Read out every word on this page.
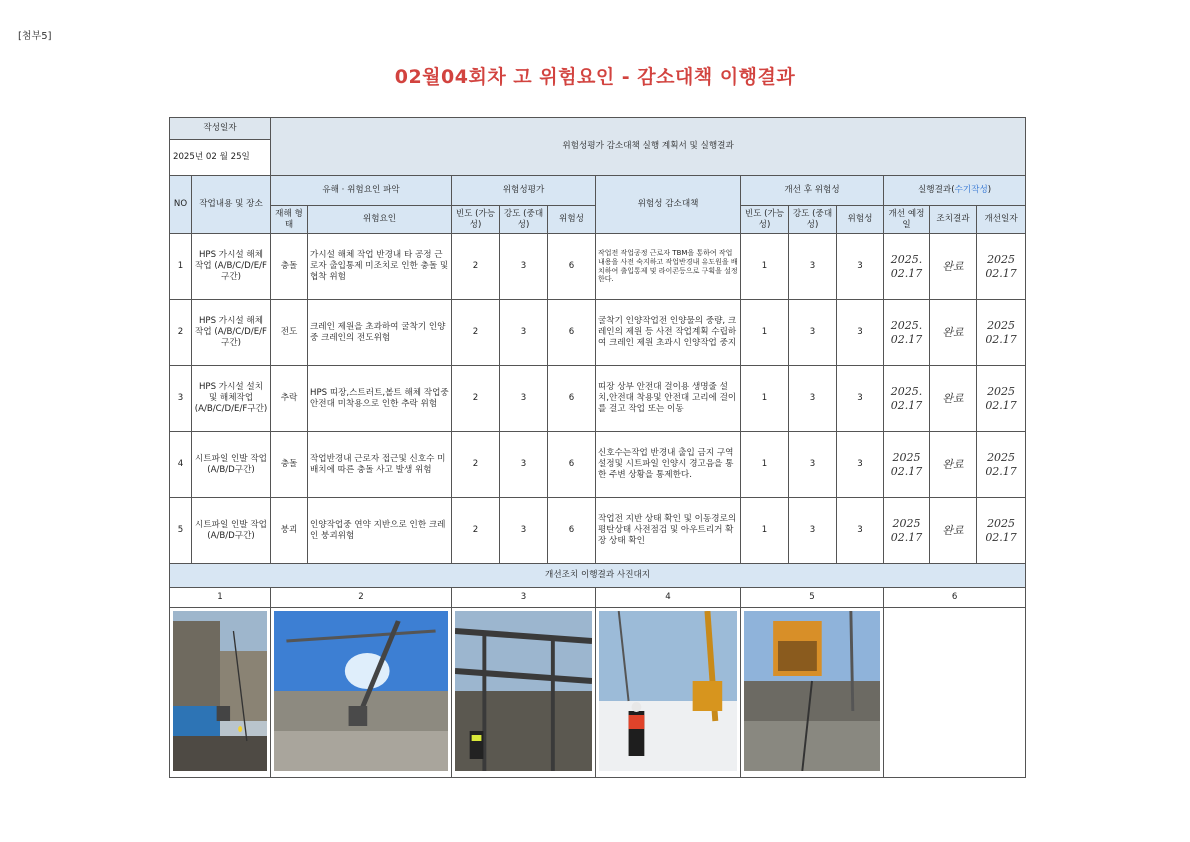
[첨부5]
02월04회차 고 위험요인 - 감소대책 이행결과
작성일자		위험성평가 감소대책 실행 계획서 및 실행결과											
2025년 02 월 25일													
NO	작업내용 및 장소	유해 · 위험요인 파악		위험성평가			위험성 감소대책	개선 후 위험성			실행결과(수기작성)		
		재해 형태	위험요인	빈도 (가능성)	강도 (중대성)	위험성		빈도 (가능성)	강도 (중대성)	위험성	개선 예정일	조치결과	개선일자
1	HPS 가시설 해체 작업 (A/B/C/D/E/F구간)	충돌	가시설 해체 작업 반경내 타 공정 근로자 출입통제 미조치로 인한 충돌 및 협착 위험	2	3	6	작업전 작업공정 근로자 TBM을 통하여 작업내용을 사전 숙지하고 작업반경내 유도원을 배치하여 출입통제 및 라이콘등으로 구획을 설정한다.	1	3	3	2025. 02.17	완료	2025 02.17
2	HPS 가시설 해체 작업 (A/B/C/D/E/F구간)	전도	크레인 제원을 초과하여 굴착기 인양중 크레인의 전도위험	2	3	6	굴착기 인양작업전 인양물의 중량, 크레인의 제원 등 사전 작업계획 수립하여 크레인 제원 초과시 인양작업 중지	1	3	3	2025. 02.17	완료	2025 02.17
3	HPS 가시설 설치 및 해체작업 (A/B/C/D/E/F구간)	추락	HPS 띠장,스트러트,볼트 해체 작업중 안전대 미착용으로 인한 추락 위험	2	3	6	띠장 상부 안전대 걸이용 생명줄 설치,안전대 착용및 안전대 고리에 걸이를 걸고 작업 또는 이동	1	3	3	2025. 02.17	완료	2025 02.17
4	시트파일 인발 작업(A/B/D구간)	충돌	작업반경내 근로자 접근및 신호수 미배치에 따른 충돌 사고 발생 위험	2	3	6	신호수는작업 반경내 출입 금지 구역 설정및 시트파일 인양시 경고음을 통한 주변 상황을 통제한다.	1	3	3	2025 02.17	완료	2025 02.17
5	시트파일 인발 작업(A/B/D구간)	붕괴	인양작업중 연약 지반으로 인한 크레인 붕괴위험	2	3	6	작업전 지반 상태 확인 및 이동경로의 평탄상태 사전점검 및 아우트리거 확장 상태 확인	1	3	3	2025 02.17	완료	2025 02.17
개선조치 이행결과 사진대지													
1		2		3			4	5			6		
